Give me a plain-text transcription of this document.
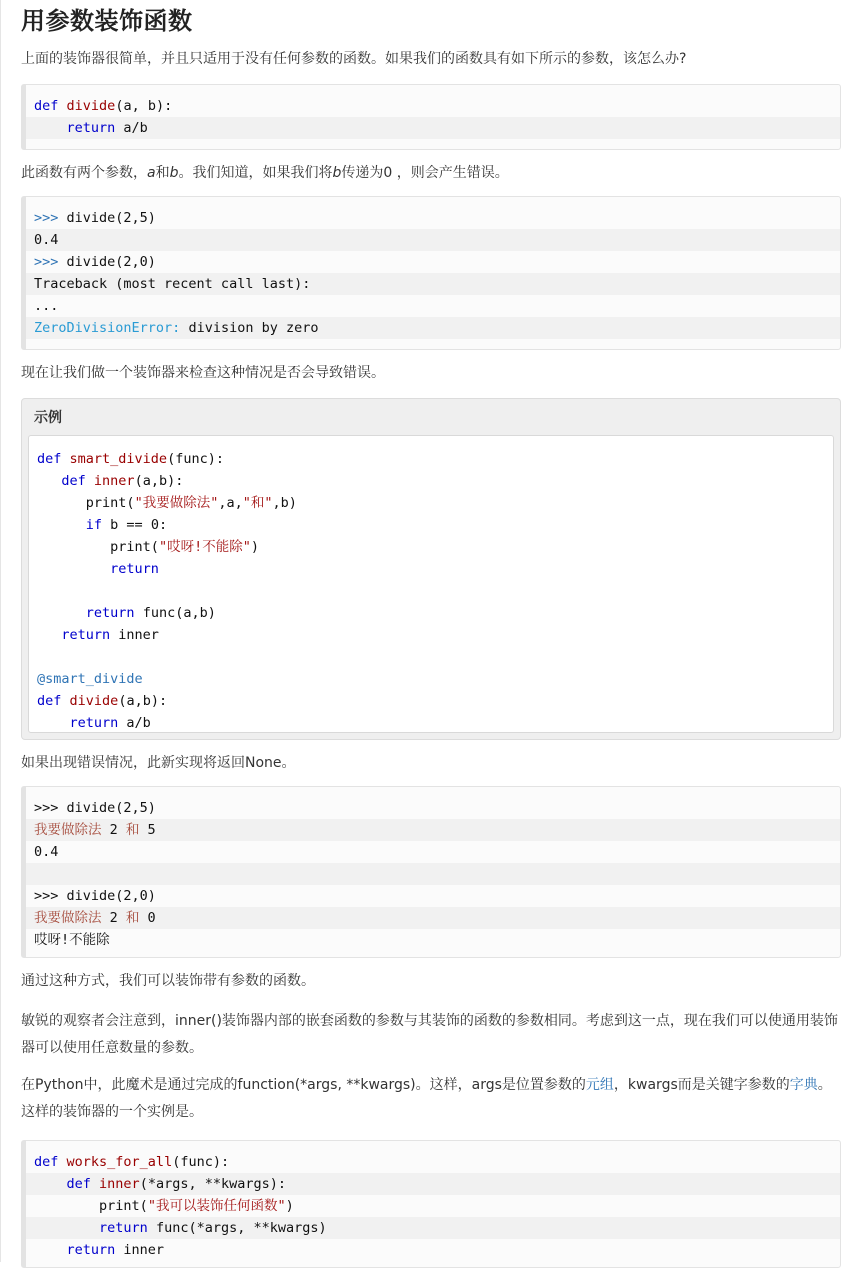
用参数装饰函数

上面的装饰器很简单，并且只适用于没有任何参数的函数。如果我们的函数具有如下所示的参数，该怎么办?

def divide(a, b):
return a/b

此函数有两个参数，a和b。我们知道，如果我们将b传递为0 ，则会产生错误。

>>> divide(2,5)
0.4
>>> divide(2,0)
Traceback (most recent call last):
...
ZeroDivisionError: division by zero

现在让我们做一个装饰器来检查这种情况是否会导致错误。

示例
def smart_divide(func):
def inner(a,b):
print("我要做除法",a,"和",b)
if b == 0:
print("哎呀!不能除")
return

return func(a,b)
return inner

@smart_divide
def divide(a,b):
return a/b

如果出现错误情况，此新实现将返回None。

>>> divide(2,5)
我要做除法 2 和 5
0.4

>>> divide(2,0)
我要做除法 2 和 0
哎呀!不能除

通过这种方式，我们可以装饰带有参数的函数。

敏锐的观察者会注意到，inner()装饰器内部的嵌套函数的参数与其装饰的函数的参数相同。考虑到这一点，现在我们可以使通用装饰器可以使用任意数量的参数。

在Python中，此魔术是通过完成的function(*args, **kwargs)。这样，args是位置参数的元组，kwargs而是关键字参数的字典。这样的装饰器的一个实例是。

def works_for_all(func):
def inner(*args, **kwargs):
print("我可以装饰任何函数")
return func(*args, **kwargs)
return inner
